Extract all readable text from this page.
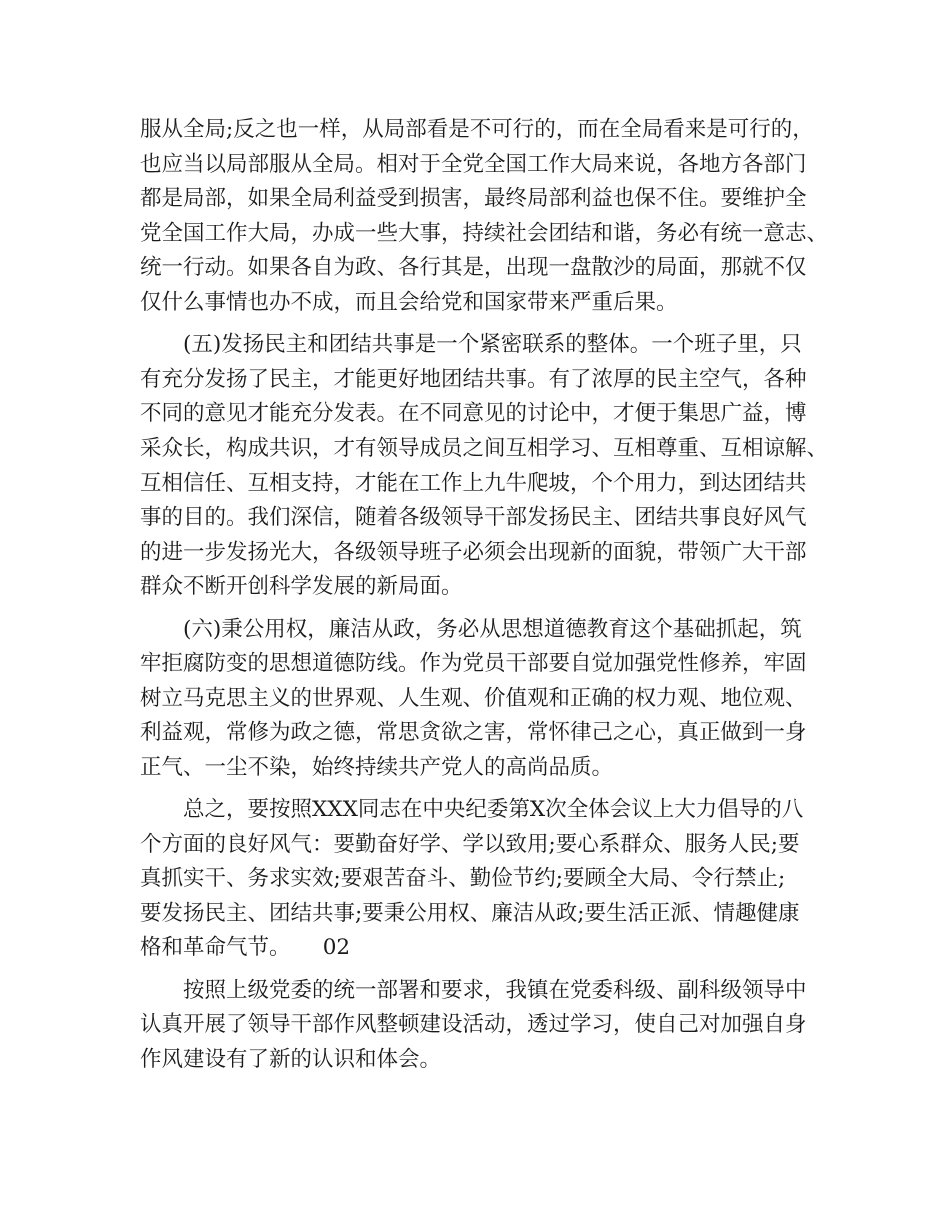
服从全局;反之也一样，从局部看是不可行的，而在全局看来是可行的，
也应当以局部服从全局。相对于全党全国工作大局来说，各地方各部门
都是局部，如果全局利益受到损害，最终局部利益也保不住。要维护全
党全国工作大局，办成一些大事，持续社会团结和谐，务必有统一意志、
统一行动。如果各自为政、各行其是，出现一盘散沙的局面，那就不仅
仅什么事情也办不成，而且会给党和国家带来严重后果。
(五)发扬民主和团结共事是一个紧密联系的整体。一个班子里，只
有充分发扬了民主，才能更好地团结共事。有了浓厚的民主空气，各种
不同的意见才能充分发表。在不同意见的讨论中，才便于集思广益，博
采众长，构成共识，才有领导成员之间互相学习、互相尊重、互相谅解、
互相信任、互相支持，才能在工作上九牛爬坡，个个用力，到达团结共
事的目的。我们深信，随着各级领导干部发扬民主、团结共事良好风气
的进一步发扬光大，各级领导班子必须会出现新的面貌，带领广大干部
群众不断开创科学发展的新局面。
(六)秉公用权，廉洁从政，务必从思想道德教育这个基础抓起，筑
牢拒腐防变的思想道德防线。作为党员干部要自觉加强党性修养，牢固
树立马克思主义的世界观、人生观、价值观和正确的权力观、地位观、
利益观，常修为政之德，常思贪欲之害，常怀律己之心，真正做到一身
正气、一尘不染，始终持续共产党人的高尚品质。
总之，要按照XXX同志在中央纪委第X次全体会议上大力倡导的八
个方面的良好风气：要勤奋好学、学以致用;要心系群众、服务人民;要
真抓实干、务求实效;要艰苦奋斗、勤俭节约;要顾全大局、令行禁止;
要发扬民主、团结共事;要秉公用权、廉洁从政;要生活正派、情趣健康
格和革命气节。　　02
按照上级党委的统一部署和要求，我镇在党委科级、副科级领导中
认真开展了领导干部作风整顿建设活动，透过学习，使自己对加强自身
作风建设有了新的认识和体会。
